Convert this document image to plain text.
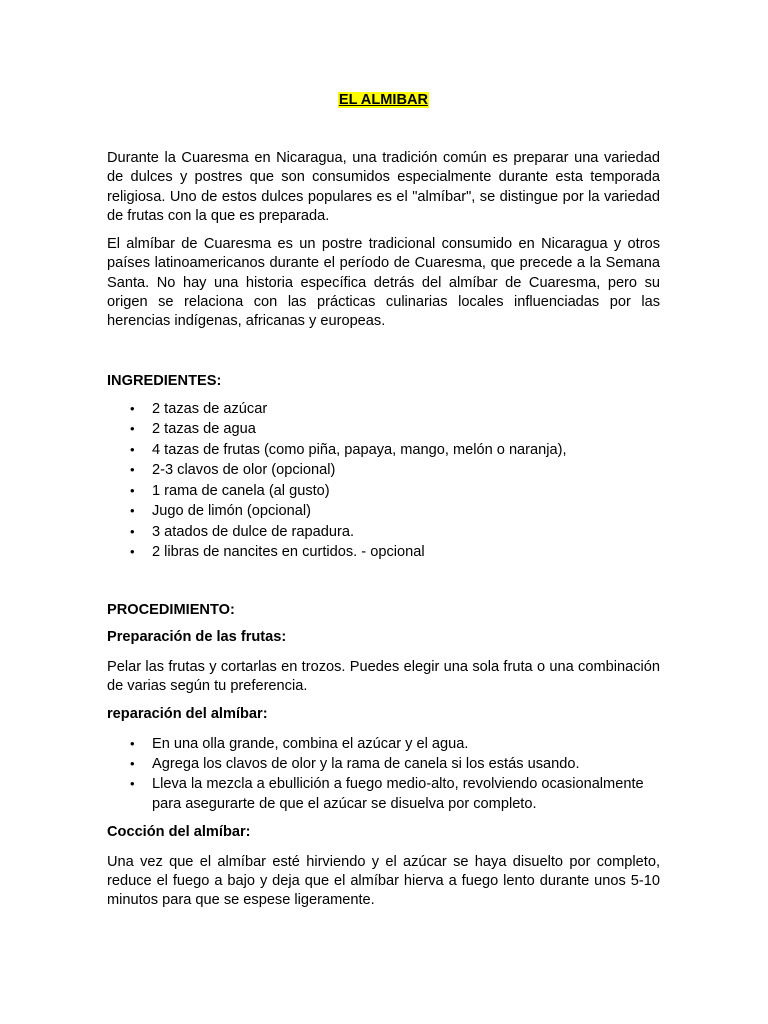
EL ALMIBAR

Durante la Cuaresma en Nicaragua, una tradición común es preparar una variedad de dulces y postres que son consumidos especialmente durante esta temporada religiosa. Uno de estos dulces populares es el "almíbar", se distingue por la variedad de frutas con la que es preparada.

El almíbar de Cuaresma es un postre tradicional consumido en Nicaragua y otros países latinoamericanos durante el período de Cuaresma, que precede a la Semana Santa. No hay una historia específica detrás del almíbar de Cuaresma, pero su origen se relaciona con las prácticas culinarias locales influenciadas por las herencias indígenas, africanas y europeas.

INGREDIENTES:
• 2 tazas de azúcar
• 2 tazas de agua
• 4 tazas de frutas (como piña, papaya, mango, melón o naranja),
• 2-3 clavos de olor (opcional)
• 1 rama de canela (al gusto)
• Jugo de limón (opcional)
• 3 atados de dulce de rapadura.
• 2 libras de nancites en curtidos. - opcional
PROCEDIMIENTO:
Preparación de las frutas:

Pelar las frutas y cortarlas en trozos. Puedes elegir una sola fruta o una combinación de varias según tu preferencia.

reparación del almíbar:
• En una olla grande, combina el azúcar y el agua.
• Agrega los clavos de olor y la rama de canela si los estás usando.
• Lleva la mezcla a ebullición a fuego medio-alto, revolviendo ocasionalmente para asegurarte de que el azúcar se disuelva por completo.
Cocción del almíbar:

Una vez que el almíbar esté hirviendo y el azúcar se haya disuelto por completo, reduce el fuego a bajo y deja que el almíbar hierva a fuego lento durante unos 5-10 minutos para que se espese ligeramente.
